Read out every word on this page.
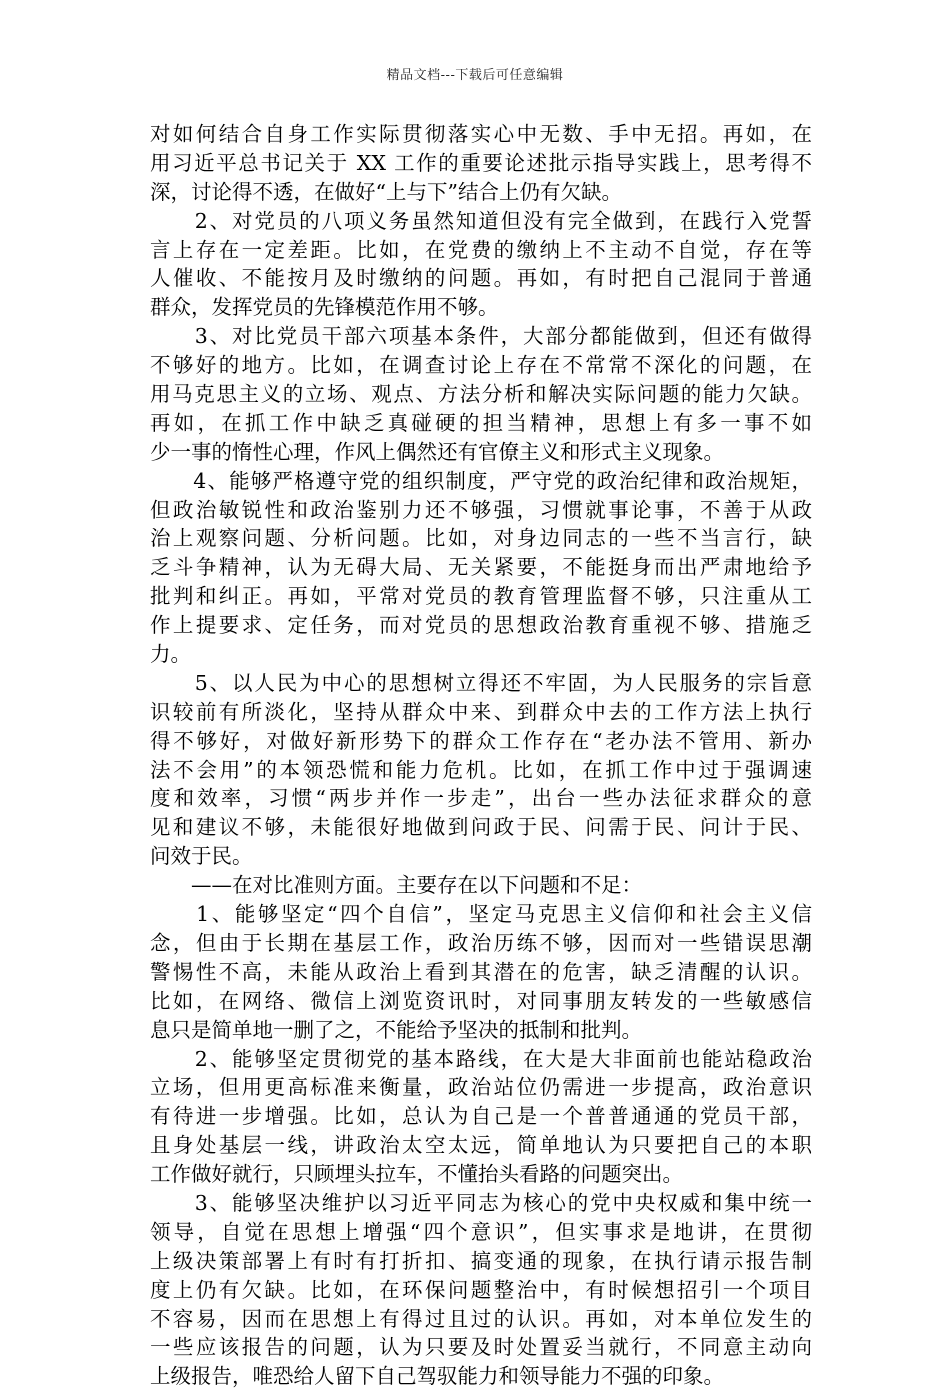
精品文档---下载后可任意编辑
对如何结合自身工作实际贯彻落实心中无数、手中无招。再如，在
用习近平总书记关于 XX 工作的重要论述批示指导实践上，思考得不
深，讨论得不透，在做好“上与下”结合上仍有欠缺。
　　2、对党员的八项义务虽然知道但没有完全做到，在践行入党誓
言上存在一定差距。比如，在党费的缴纳上不主动不自觉，存在等
人催收、不能按月及时缴纳的问题。再如，有时把自己混同于普通
群众，发挥党员的先锋模范作用不够。
　　3、对比党员干部六项基本条件，大部分都能做到，但还有做得
不够好的地方。比如，在调查讨论上存在不常常不深化的问题，在
用马克思主义的立场、观点、方法分析和解决实际问题的能力欠缺。
再如，在抓工作中缺乏真碰硬的担当精神，思想上有多一事不如
少一事的惰性心理，作风上偶然还有官僚主义和形式主义现象。
　　4、能够严格遵守党的组织制度，严守党的政治纪律和政治规矩，
但政治敏锐性和政治鉴别力还不够强，习惯就事论事，不善于从政
治上观察问题、分析问题。比如，对身边同志的一些不当言行，缺
乏斗争精神，认为无碍大局、无关紧要，不能挺身而出严肃地给予
批判和纠正。再如，平常对党员的教育管理监督不够，只注重从工
作上提要求、定任务，而对党员的思想政治教育重视不够、措施乏
力。
　　5、以人民为中心的思想树立得还不牢固，为人民服务的宗旨意
识较前有所淡化，坚持从群众中来、到群众中去的工作方法上执行
得不够好，对做好新形势下的群众工作存在“老办法不管用、新办
法不会用”的本领恐慌和能力危机。比如，在抓工作中过于强调速
度和效率，习惯“两步并作一步走”，出台一些办法征求群众的意
见和建议不够，未能很好地做到问政于民、问需于民、问计于民、
问效于民。
　　——在对比准则方面。主要存在以下问题和不足：
　　1、能够坚定“四个自信”，坚定马克思主义信仰和社会主义信
念，但由于长期在基层工作，政治历练不够，因而对一些错误思潮
警惕性不高，未能从政治上看到其潜在的危害，缺乏清醒的认识。
比如，在网络、微信上浏览资讯时，对同事朋友转发的一些敏感信
息只是简单地一删了之，不能给予坚决的抵制和批判。
　　2、能够坚定贯彻党的基本路线，在大是大非面前也能站稳政治
立场，但用更高标准来衡量，政治站位仍需进一步提高，政治意识
有待进一步增强。比如，总认为自己是一个普普通通的党员干部，
且身处基层一线，讲政治太空太远，简单地认为只要把自己的本职
工作做好就行，只顾埋头拉车，不懂抬头看路的问题突出。
　　3、能够坚决维护以习近平同志为核心的党中央权威和集中统一
领导，自觉在思想上增强“四个意识”，但实事求是地讲，在贯彻
上级决策部署上有时有打折扣、搞变通的现象，在执行请示报告制
度上仍有欠缺。比如，在环保问题整治中，有时候想招引一个项目
不容易，因而在思想上有得过且过的认识。再如，对本单位发生的
一些应该报告的问题，认为只要及时处置妥当就行，不同意主动向
上级报告，唯恐给人留下自己驾驭能力和领导能力不强的印象。
